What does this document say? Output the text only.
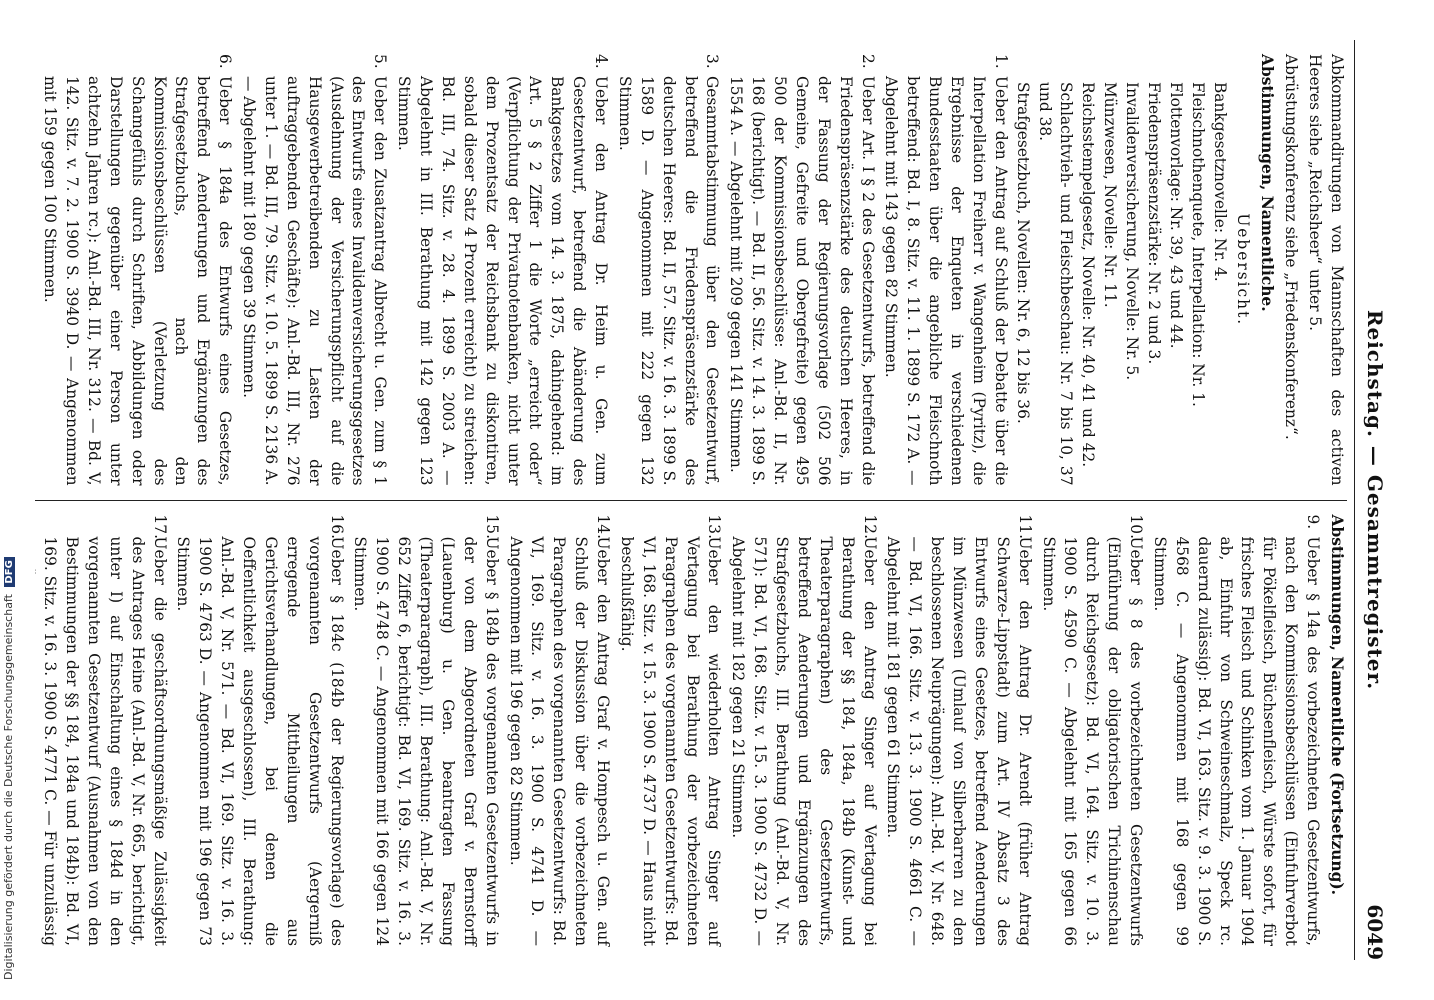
Reichstag. — Gesammtregister.
6049

Abkommandirungen von Mannschaften des activen Heeres siehe „Reichsheer“ unter 5.

Abrüstungskonferenz siehe „Friedenskonferenz“.

Abstimmungen, Namentliche.

Uebersicht.

Bankgesetznovelle: Nr. 4.

Fleischnothenquete, Interpellation: Nr. 1.

Flottenvorlage: Nr. 39, 43 und 44.

Friedenspräsenzstärke: Nr. 2 und 3.

Invalidenversicherung, Novelle: Nr. 5.

Münzwesen, Novelle: Nr. 11.

Reichsstempelgesetz, Novelle: Nr. 40, 41 und 42.

Schlachtvieh- und Fleischbeschau: Nr. 7 bis 10, 37 und 38.

Strafgesetzbuch, Novellen: Nr. 6, 12 bis 36.

1.
Ueber den Antrag auf Schluß der Debatte über die Interpellation Freiherr v. Wangenheim (Pyritz), die Ergebnisse der Enqueten in verschiedenen Bundesstaaten über die angebliche Fleischnoth betreffend: Bd. I, 8. Sitz. v. 11. 1. 1899 S. 172 A. — Abgelehnt mit 143 gegen 82 Stimmen.

2.
Ueber Art. I § 2 des Gesetzentwurfs, betreffend die Friedenspräsenzstärke des deutschen Heeres, in der Fassung der Regierungsvorlage (502 506 Gemeine, Gefreite und Obergefreite) gegen 495 500 der Kommissionsbeschlüsse: Anl.-Bd. II, Nr. 168 (berichtigt). — Bd. II, 56. Sitz. v. 14. 3. 1899 S. 1554 A. — Abgelehnt mit 209 gegen 141 Stimmen.

3.
Gesammtabstimmung über den Gesetzentwurf, betreffend die Friedenspräsenzstärke des deutschen Heeres: Bd. II, 57. Sitz. v. 16. 3. 1899 S. 1589 D. — Angenommen mit 222 gegen 132 Stimmen.

4.
Ueber den Antrag Dr. Heim u. Gen. zum Gesetzentwurf, betreffend die Abänderung des Bankgesetzes vom 14. 3. 1875, dahingehend: im Art. 5 § 2 Ziffer 1 die Worte „erreicht oder“ (Verpflichtung der Privatnotenbanken, nicht unter dem Prozentsatz der Reichsbank zu diskontiren, sobald dieser Satz 4 Prozent erreicht) zu streichen: Bd. III, 74. Sitz. v. 28. 4. 1899 S. 2003 A. — Abgelehnt in III. Berathung mit 142 gegen 123 Stimmen.

5.
Ueber den Zusatzantrag Albrecht u. Gen. zum § 1 des Entwurfs eines Invalidenversicherungsgesetzes (Ausdehnung der Versicherungspflicht auf die Hausgewerbetreibenden zu Lasten der auftraggebenden Geschäfte): Anl.-Bd. III, Nr. 276 unter 1. — Bd. III, 79. Sitz. v. 10. 5. 1899 S. 2136 A. — Abgelehnt mit 180 gegen 39 Stimmen.

6.
Ueber § 184a des Entwurfs eines Gesetzes, betreffend Aenderungen und Ergänzungen des Strafgesetzbuchs, nach den Kommissionsbeschlüssen (Verletzung des Schamgefühls durch Schriften, Abbildungen oder Darstellungen gegenüber einer Person unter achtzehn Jahren rc.): Anl.-Bd. III, Nr. 312. — Bd. V, 142. Sitz. v. 7. 2. 1900 S. 3940 D. — Angenommen mit 159 gegen 100 Stimmen.

Abstimmungen, Namentliche (Fortsetzung).

9.
Ueber § 14a des vorbezeichneten Gesetzentwurfs, nach den Kommissionsbeschlüssen (Einfuhrverbot für Pökelfleisch, Büchsenfleisch, Würste sofort, für frisches Fleisch und Schinken vom 1. Januar 1904 ab, Einfuhr von Schweineschmalz, Speck rc. dauernd zulässig): Bd. VI, 163. Sitz. v. 9. 3. 1900 S. 4568 C. — Angenommen mit 168 gegen 99 Stimmen.

10.
Ueber § 8 des vorbezeichneten Gesetzentwurfs (Einführung der obligatorischen Trichinenschau durch Reichsgesetz): Bd. VI, 164. Sitz. v. 10. 3. 1900 S. 4590 C. — Abgelehnt mit 165 gegen 66 Stimmen.

11.
Ueber den Antrag Dr. Arendt (früher Antrag Schwarze-Lippstadt) zum Art. IV Absatz 3 des Entwurfs eines Gesetzes, betreffend Aenderungen im Münzwesen (Umlauf von Silberbarren zu den beschlossenen Neuprägungen): Anl.-Bd. V, Nr. 648. — Bd. VI, 166. Sitz. v. 13. 3. 1900 S. 4661 C. — Abgelehnt mit 181 gegen 61 Stimmen.

12.
Ueber den Antrag Singer auf Vertagung bei Berathung der §§ 184, 184a, 184b (Kunst- und Theaterparagraphen) des Gesetzentwurfs, betreffend Aenderungen und Ergänzungen des Strafgesetzbuchs, III. Berathung (Anl.-Bd. V, Nr. 571): Bd. VI, 168. Sitz. v. 15. 3. 1900 S. 4732 D. — Abgelehnt mit 182 gegen 21 Stimmen.

13.
Ueber den wiederholten Antrag Singer auf Vertagung bei Berathung der vorbezeichneten Paragraphen des vorgenannten Gesetzentwurfs: Bd. VI, 168. Sitz. v. 15. 3. 1900 S. 4737 D. — Haus nicht beschlußfähig.

14.
Ueber den Antrag Graf v. Hompesch u. Gen. auf Schluß der Diskussion über die vorbezeichneten Paragraphen des vorgenannten Gesetzentwurfs: Bd. VI, 169. Sitz. v. 16. 3. 1900 S. 4741 D. — Angenommen mit 196 gegen 82 Stimmen.

15.
Ueber § 184b des vorgenannten Gesetzentwurfs in der von dem Abgeordneten Graf v. Bernstorff (Lauenburg) u. Gen. beantragten Fassung (Theaterparagraph), III. Berathung: Anl.-Bd. V, Nr. 652 Ziffer 6, berichtigt: Bd. VI, 169. Sitz. v. 16. 3. 1900 S. 4748 C. — Angenommen mit 166 gegen 124 Stimmen.

16.
Ueber § 184c (184b der Regierungsvorlage) des vorgenannten Gesetzentwurfs (Aergerniß erregende Mittheilungen aus Gerichtsverhandlungen, bei denen die Oeffentlichkeit ausgeschlossen), III. Berathung: Anl.-Bd. V, Nr. 571. — Bd. VI, 169. Sitz. v. 16. 3. 1900 S. 4763 D. — Angenommen mit 196 gegen 73 Stimmen.

17.
Ueber die geschäftsordnungsmäßige Zulässigkeit des Antrages Heine (Anl.-Bd. V, Nr. 665, berichtigt, unter I) auf Einschaltung eines § 184d in den vorgenannten Gesetzentwurf (Ausnahmen von den Bestimmungen der §§ 184, 184a und 184b): Bd. VI, 169. Sitz. v. 16. 3. 1900 S. 4771 C. — Für unzulässig erklärt mit 155 gegen 105 Stimmen.

Digitalisierung gefördert durch die Deutsche Forschungsgemeinschaft DFG
